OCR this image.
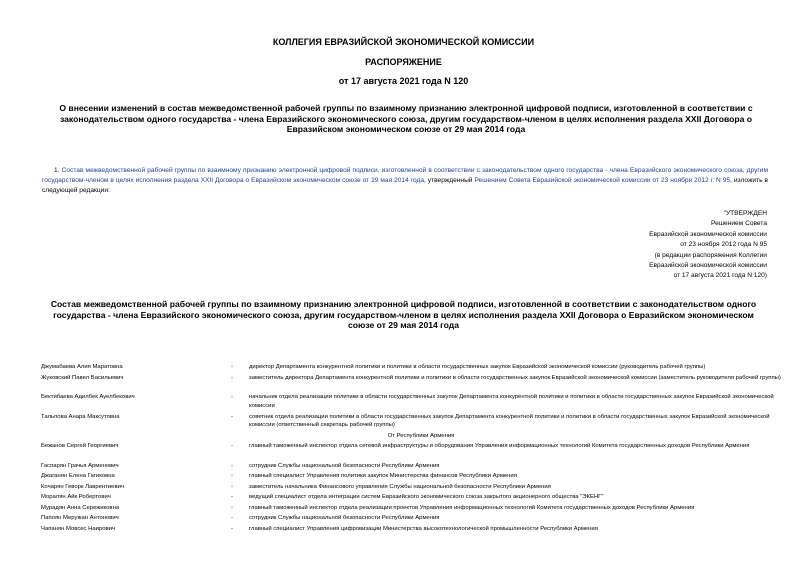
КОЛЛЕГИЯ ЕВРАЗИЙСКОЙ ЭКОНОМИЧЕСКОЙ КОМИССИИ
РАСПОРЯЖЕНИЕ
от 17 августа 2021 года N 120
О внесении изменений в состав межведомственной рабочей группы по взаимному признанию электронной цифровой подписи, изготовленной в соответствии с законодательством одного государства - члена Евразийского экономического союза, другим государством-членом в целях исполнения раздела XXII Договора о Евразийском экономическом союзе от 29 мая 2014 года
1. Состав межведомственной рабочей группы по взаимному признанию электронной цифровой подписи, изготовленной в соответствии с законодательством одного государства - члена Евразийского экономического союза, другим государством-членом в целях исполнения раздела XXII Договора о Евразийском экономическом союзе от 29 мая 2014 года, утвержденный Решением Совета Евразийской экономической комиссии от 23 ноября 2012 г. N 95, изложить в следующей редакции:
"УТВЕРЖДЕН
Решением Совета
Евразийской экономической комиссии
от 23 ноября 2012 года N 95
(в редакции распоряжения Коллегии
Евразийской экономической комиссии
от 17 августа 2021 года N 120)
Состав межведомственной рабочей группы по взаимному признанию электронной цифровой подписи, изготовленной в соответствии с законодательством одного государства - члена Евразийского экономического союза, другим государством-членом в целях исполнения раздела XXII Договора о Евразийском экономическом союзе от 29 мая 2014 года
Джумабаева Алия Маратовна	-	директор Департамента конкурентной политики и политики в области государственных закупок Евразийской экономической комиссии (руководитель рабочей группы)
Жуковский Павел Васильевич	-	заместитель директора Департамента конкурентной политики и политики в области государственных закупок Евразийской экономической комиссии (заместитель руководителя рабочей группы)
Бектибаева Адилбек Ауелбекович	-	начальник отдела реализации политики в области государственных закупок Департамента конкурентной политики и политики в области государственных закупок Евразийской экономической комиссии
Тальпова Анара Максутовна	-	советник отдела реализации политики в области государственных закупок Департамента конкурентной политики и политики в области государственных закупок Евразийской экономической комиссии (ответственный секретарь рабочей группы)
От Республики Армения
Бежанов Сергей Георгиевич	-	главный таможенный инспектор отдела сетевой инфраструктуры и оборудования Управления информационных технологий Комитета государственных доходов Республики Армения
Гаспарян Грачья Арменович	-	сотрудник Службы национальной безопасности Республики Армения
Джаганян Елена Гагиковна	-	главный специалист Управления политики закупок Министерства финансов Республики Армения
Кочарян Геворк Лаврентиевич	-	заместитель начальника Финансового управления Службы национальной безопасности Республики Армения
Моралян Айк Робертович	-	ведущий специалист отдела интеграции систем Евразийского экономического союза закрытого акционерного общества "ЭКЕНГ"
Мурадян Анна Сережиковна	-	главный таможенный инспектор отдела реализации проектов Управления информационных технологий Комитета государственных доходов Республики Армения
Папоян Меружан Антонович	-	сотрудник Службы национальной безопасности Республики Армения
Чапанян Мовсес Наирович	-	главный специалист Управления цифровизации Министерства высокотехнологической промышленности Республики Армения
